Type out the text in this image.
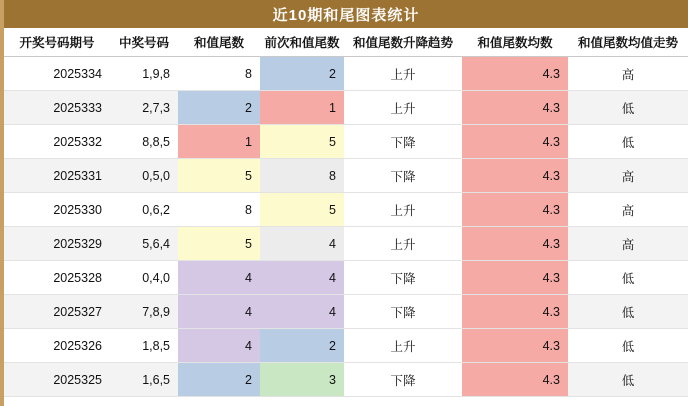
近10期和尾图表统计
开奖号码期号	中奖号码	和值尾数	前次和值尾数	和值尾数升降趋势	和值尾数均数	和值尾数均值走势
2025334	1,9,8	8	2	上升	4.3	高
2025333	2,7,3	2	1	上升	4.3	低
2025332	8,8,5	1	5	下降	4.3	低
2025331	0,5,0	5	8	下降	4.3	高
2025330	0,6,2	8	5	上升	4.3	高
2025329	5,6,4	5	4	上升	4.3	高
2025328	0,4,0	4	4	下降	4.3	低
2025327	7,8,9	4	4	下降	4.3	低
2025326	1,8,5	4	2	上升	4.3	低
2025325	1,6,5	2	3	下降	4.3	低
